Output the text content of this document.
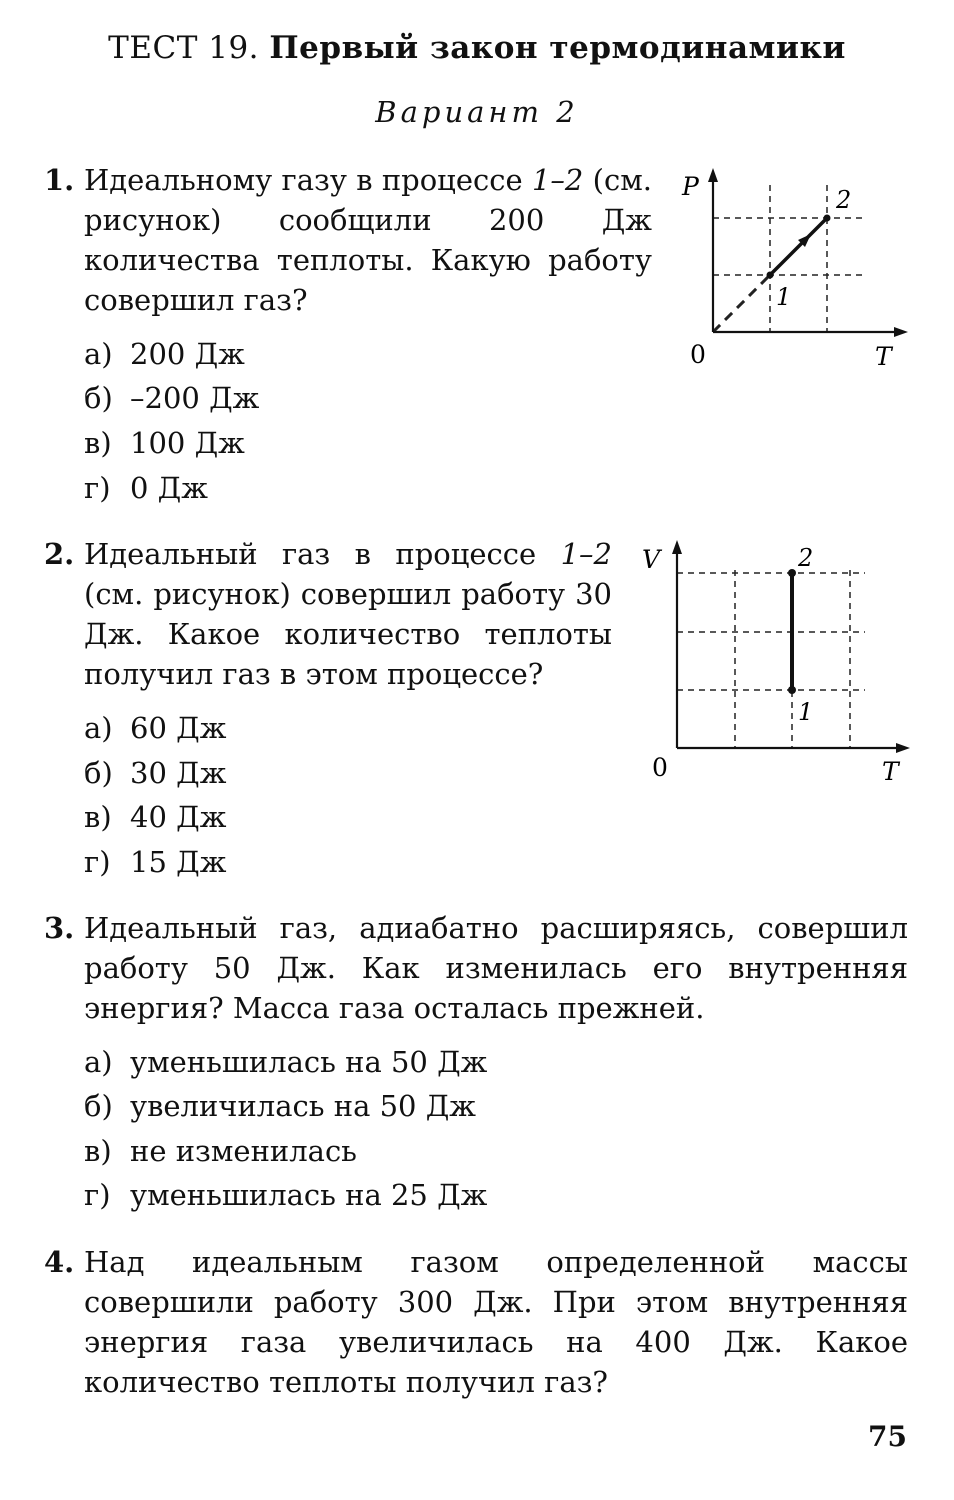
ТЕСТ 19. Первый закон термодинамики
Вариант 2
1. Идеальному газу в процессе 1–2 (см. рисунок) сообщили 200 Дж количества теплоты. Какую работу совершил газ?
а) 200 Дж
б) –200 Дж
в) 100 Дж
г) 0 Дж
P
T
0
1
2
2. Идеальный газ в процессе 1–2 (см. рисунок) совершил работу 30 Дж. Какое количество теплоты получил газ в этом процессе?
а) 60 Дж
б) 30 Дж
в) 40 Дж
г) 15 Дж
V
T
0
1
2
3. Идеальный газ, адиабатно расширяясь, совершил работу 50 Дж. Как изменилась его внутренняя энергия? Масса газа осталась прежней.
а) уменьшилась на 50 Дж
б) увеличилась на 50 Дж
в) не изменилась
г) уменьшилась на 25 Дж
4. Над идеальным газом определенной массы совершили работу 300 Дж. При этом внутренняя энергия газа увеличилась на 400 Дж. Какое количество теплоты получил газ?
75
